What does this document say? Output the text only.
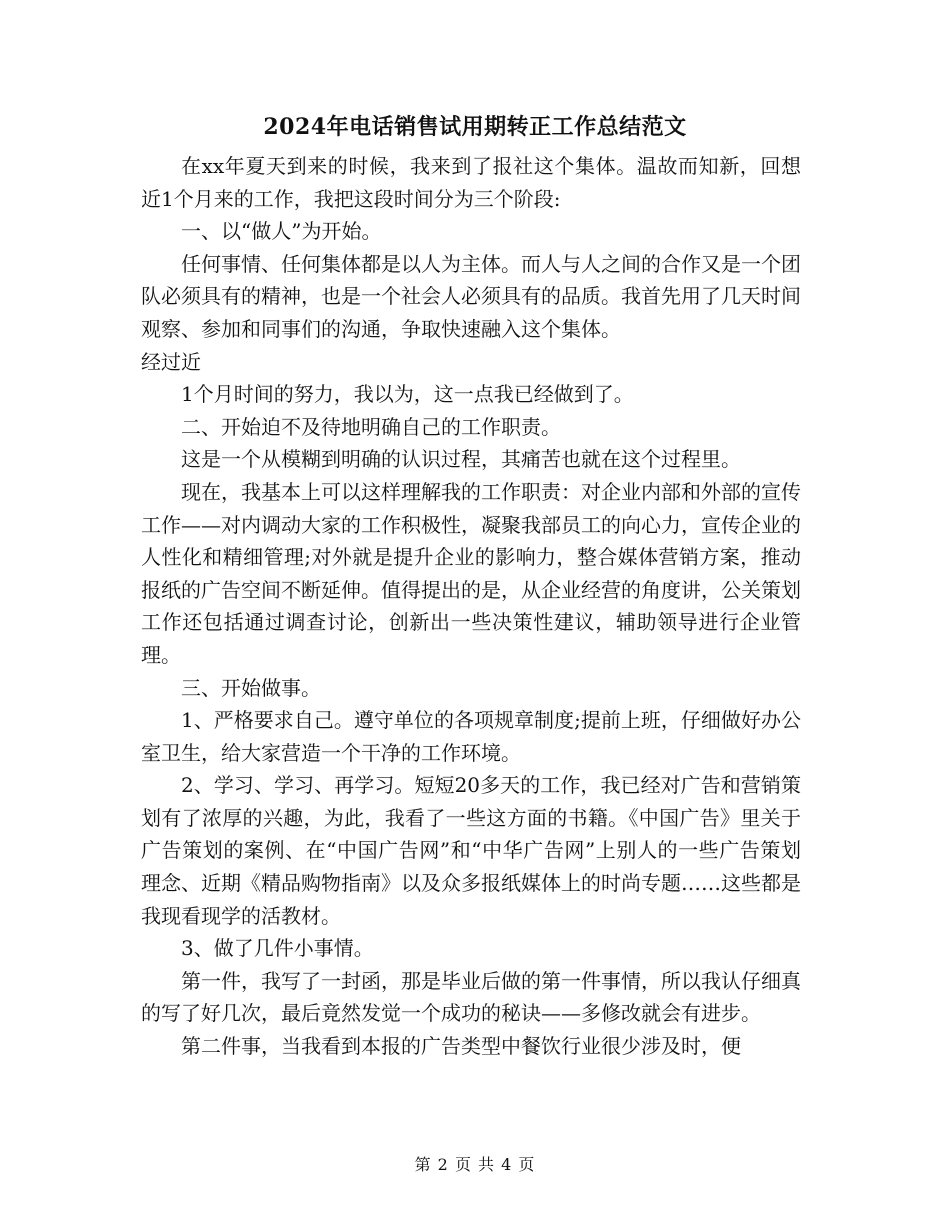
2024年电话销售试用期转正工作总结范文

在xx年夏天到来的时候，我来到了报社这个集体。温故而知新，回想近1个月来的工作，我把这段时间分为三个阶段:

一、以“做人”为开始。

任何事情、任何集体都是以人为主体。而人与人之间的合作又是一个团队必须具有的精神，也是一个社会人必须具有的品质。我首先用了几天时间观察、参加和同事们的沟通，争取快速融入这个集体。

经过近

1个月时间的努力，我以为，这一点我已经做到了。

二、开始迫不及待地明确自己的工作职责。

这是一个从模糊到明确的认识过程，其痛苦也就在这个过程里。

现在，我基本上可以这样理解我的工作职责：对企业内部和外部的宣传工作——对内调动大家的工作积极性，凝聚我部员工的向心力，宣传企业的人性化和精细管理;对外就是提升企业的影响力，整合媒体营销方案，推动报纸的广告空间不断延伸。值得提出的是，从企业经营的角度讲，公关策划工作还包括通过调查讨论，创新出一些决策性建议，辅助领导进行企业管理。

三、开始做事。

1、严格要求自己。遵守单位的各项规章制度;提前上班，仔细做好办公室卫生，给大家营造一个干净的工作环境。

2、学习、学习、再学习。短短20多天的工作，我已经对广告和营销策划有了浓厚的兴趣，为此，我看了一些这方面的书籍。《中国广告》里关于广告策划的案例、在“中国广告网”和“中华广告网”上别人的一些广告策划理念、近期《精品购物指南》以及众多报纸媒体上的时尚专题……这些都是我现看现学的活教材。

3、做了几件小事情。

第一件，我写了一封函，那是毕业后做的第一件事情，所以我认仔细真的写了好几次，最后竟然发觉一个成功的秘诀——多修改就会有进步。

第二件事，当我看到本报的广告类型中餐饮行业很少涉及时，便

第 2 页 共 4 页
